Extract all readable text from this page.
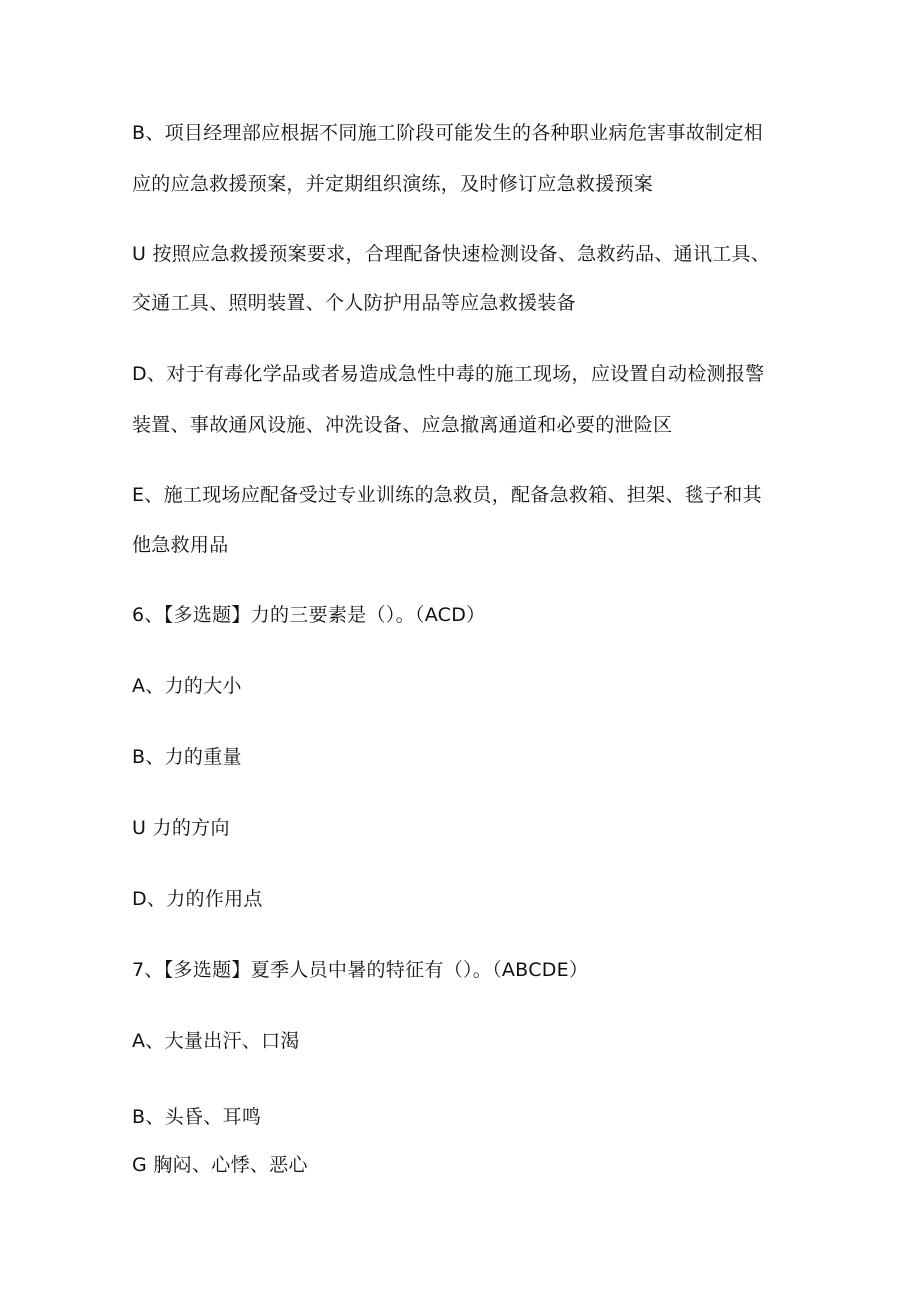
B、项目经理部应根据不同施工阶段可能发生的各种职业病危害事故制定相
应的应急救援预案，并定期组织演练，及时修订应急救援预案
U 按照应急救援预案要求，合理配备快速检测设备、急救药品、通讯工具、
交通工具、照明装置、个人防护用品等应急救援装备
D、对于有毒化学品或者易造成急性中毒的施工现场，应设置自动检测报警
装置、事故通风设施、冲洗设备、应急撤离通道和必要的泄险区
E、施工现场应配备受过专业训练的急救员，配备急救箱、担架、毯子和其
他急救用品
6、【多选题】力的三要素是（）。（ACD）
A、力的大小
B、力的重量
U 力的方向
D、力的作用点
7、【多选题】夏季人员中暑的特征有（）。（ABCDE）
A、大量出汗、口渴
B、头昏、耳鸣
G 胸闷、心悸、恶心
